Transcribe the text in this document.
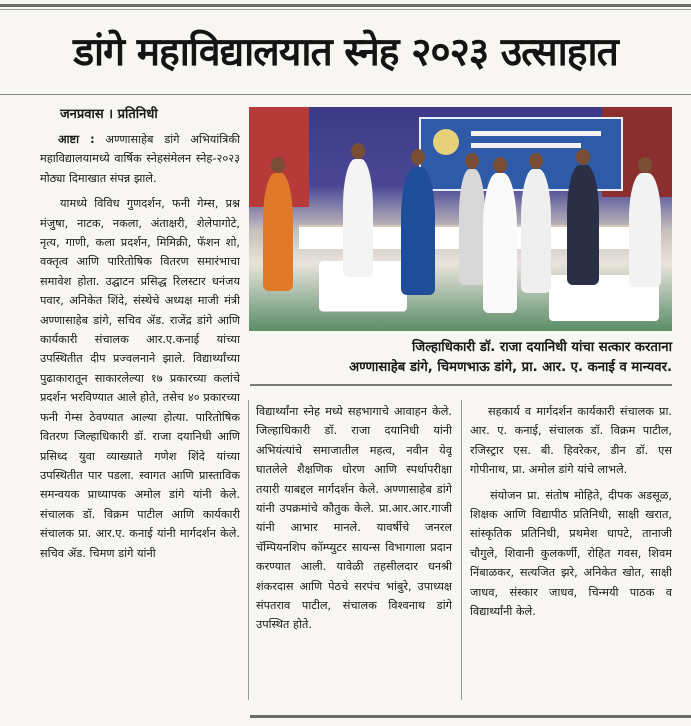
डांगे महाविद्यालयात स्नेह २०२३ उत्साहात
जनप्रवास । प्रतिनिधी

आष्टा : अण्णासाहेब डांगे अभियांत्रिकी महाविद्यालयामध्ये वार्षिक स्नेहसंमेलन स्नेह-२०२३ मोठ्या दिमाखात संपन्न झाले.

यामध्ये विविध गुणदर्शन, फनी गेम्स, प्रश्न मंजुषा, नाटक, नकला, अंताक्षरी, शेलेपागोटे, नृत्य, गाणी, कला प्रदर्शन, मिमिक्री, फॅशन शो, वक्तृत्व आणि पारितोषिक वितरण समारंभाचा समावेश होता. उद्घाटन प्रसिद्ध रिलस्टार धनंजय पवार, अनिकेत शिंदे, संस्थेचे अध्यक्ष माजी मंत्री अण्णासाहेब डांगे, सचिव ॲड. राजेंद्र डांगे आणि कार्यकारी संचालक आर.ए.कनाई यांच्या उपस्थितीत दीप प्रज्वलनाने झाले. विद्यार्थ्यांच्या पुढाकारातून साकारलेल्या १७ प्रकारच्या कलांचे प्रदर्शन भरविण्यात आले होते, तसेच ४० प्रकारच्या फनी गेम्स ठेवण्यात आल्या होत्या. पारितोषिक वितरण जिल्हाधिकारी डॉ. राजा दयानिधी आणि प्रसिध्द युवा व्याख्याते गणेश शिंदे यांच्या उपस्थितीत पार पडला. स्वागत आणि प्रास्ताविक समन्वयक प्राध्यापक अमोल डांगे यांनी केले. संचालक डॉ. विक्रम पाटील आणि कार्यकारी संचालक प्रा. आर.ए. कनाई यांनी मार्गदर्शन केले. सचिव ॲड. चिमण डांगे यांनी

जिल्हाधिकारी डॉ. राजा दयानिधी यांचा सत्कार करताना
अण्णासाहेब डांगे, चिमणभाऊ डांगे, प्रा. आर. ए. कनाई व मान्यवर.

विद्यार्थ्यांना स्नेह मध्ये सहभागाचे आवाहन केले. जिल्हाधिकारी डॉ. राजा दयानिधी यांनी अभियंत्यांचे समाजातील महत्व, नवीन येवू घातलेले शैक्षणिक धोरण आणि स्पर्धापरीक्षा तयारी याबद्दल मार्गदर्शन केले. अण्णासाहेब डांगे यांनी उपक्रमांचे कौतुक केले. प्रा.आर.आर.गाजी यांनी आभार मानले. यावर्षीचे जनरल चॅम्पियनशिप कॉम्प्युटर सायन्स विभागाला प्रदान करण्यात आली. यावेळी तहसीलदार धनश्री शंकरदास आणि पेठचे सरपंच भांबुरे, उपाध्यक्ष संपतराव पाटील, संचालक विश्वनाथ डांगे उपस्थित होते.

सहकार्य व मार्गदर्शन कार्यकारी संचालक प्रा. आर. ए. कनाई, संचालक डॉ. विक्रम पाटील, रजिस्ट्रार एस. बी. हिवरेकर, डीन डॉ. एस गोपीनाथ, प्रा. अमोल डांगे यांचे लाभले.

संयोजन प्रा. संतोष मोहिते, दीपक अडसूळ, शिक्षक आणि विद्यापीठ प्रतिनिधी, साक्षी खरात, सांस्कृतिक प्रतिनिधी, प्रथमेश धापटे, तानाजी चौगुले, शिवानी कुलकर्णी, रोहित गवस, शिवम निंबाळकर, सत्यजित झरे, अनिकेत खोत, साक्षी जाधव, संस्कार जाधव, चिन्मयी पाठक व विद्यार्थ्यांनी केले.
